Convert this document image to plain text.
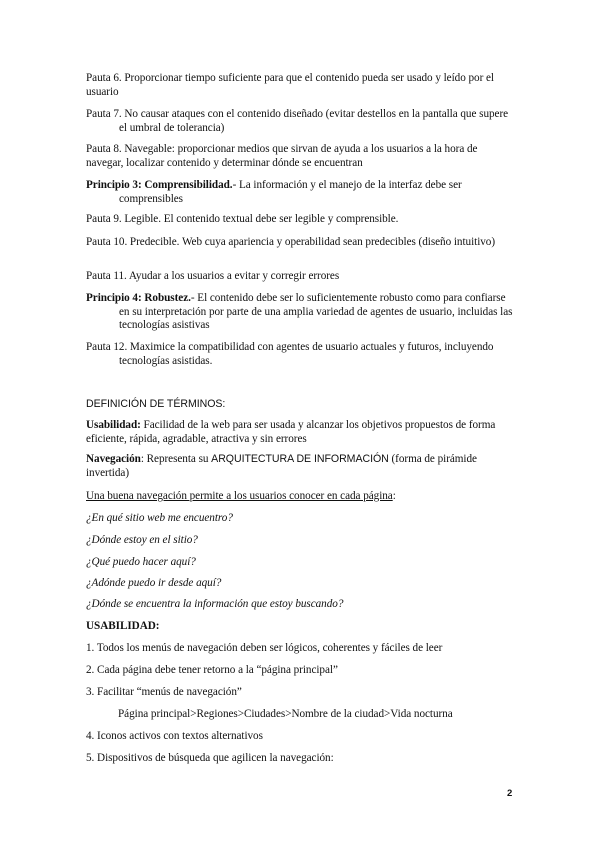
Pauta 6. Proporcionar tiempo suficiente para que el contenido pueda ser usado y leído por el usuario
Pauta 7. No causar ataques con el contenido diseñado (evitar destellos en la pantalla que supere el umbral de tolerancia)
Pauta 8. Navegable: proporcionar medios que sirvan de ayuda a los usuarios a la hora de navegar, localizar contenido y determinar dónde se encuentran
Principio 3: Comprensibilidad.- La información y el manejo de la interfaz debe ser comprensibles
Pauta 9. Legible. El contenido textual debe ser legible y comprensible.
Pauta 10. Predecible. Web cuya apariencia y operabilidad sean predecibles (diseño intuitivo)
Pauta 11. Ayudar a los usuarios a evitar y corregir errores
Principio 4: Robustez.- El contenido debe ser lo suficientemente robusto como para confiarse en su interpretación por parte de una amplia variedad de agentes de usuario, incluidas las tecnologías asistivas
Pauta 12. Maximice la compatibilidad con agentes de usuario actuales y futuros, incluyendo tecnologías asistidas.
DEFINICIÓN DE TÉRMINOS:
Usabilidad: Facilidad de la web para ser usada y alcanzar los objetivos propuestos de forma eficiente, rápida, agradable, atractiva y sin errores
Navegación: Representa su ARQUITECTURA DE INFORMACIÓN (forma de pirámide invertida)
Una buena navegación permite a los usuarios conocer en cada página:
¿En qué sitio web me encuentro?
¿Dónde estoy en el sitio?
¿Qué puedo hacer aquí?
¿Adónde puedo ir desde aquí?
¿Dónde se encuentra la información que estoy buscando?
USABILIDAD:
1. Todos los menús de navegación deben ser lógicos, coherentes y fáciles de leer
2. Cada página debe tener retorno a la “página principal”
3. Facilitar “menús de navegación”
Página principal>Regiones>Ciudades>Nombre de la ciudad>Vida nocturna
4. Iconos activos con textos alternativos
5. Dispositivos de búsqueda que agilicen la navegación:
2
